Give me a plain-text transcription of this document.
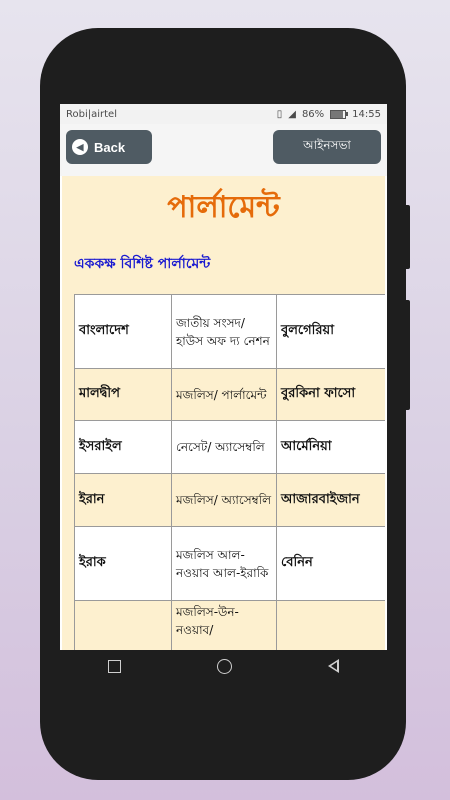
Robi|airtel	▯ ◢ 86%	14:55
◀ Back	আইনসভা
পার্লামেন্ট
এককক্ষ বিশিষ্ট পার্লামেন্ট
বাংলাদেশ	জাতীয় সংসদ/ হাউস অফ দ্য নেশন	বুলগেরিয়া
মালদ্বীপ	মজলিস/ পার্লামেন্ট	বুরকিনা ফাসো
ইসরাইল	নেসেট/ অ্যাসেম্বলি	আর্মেনিয়া
ইরান	মজলিস/ অ্যাসেম্বলি	আজারবাইজান
ইরাক	মজলিস আল-নওয়াব আল-ইরাকি	বেনিন
	মজলিস-উন-নওয়াব/	
